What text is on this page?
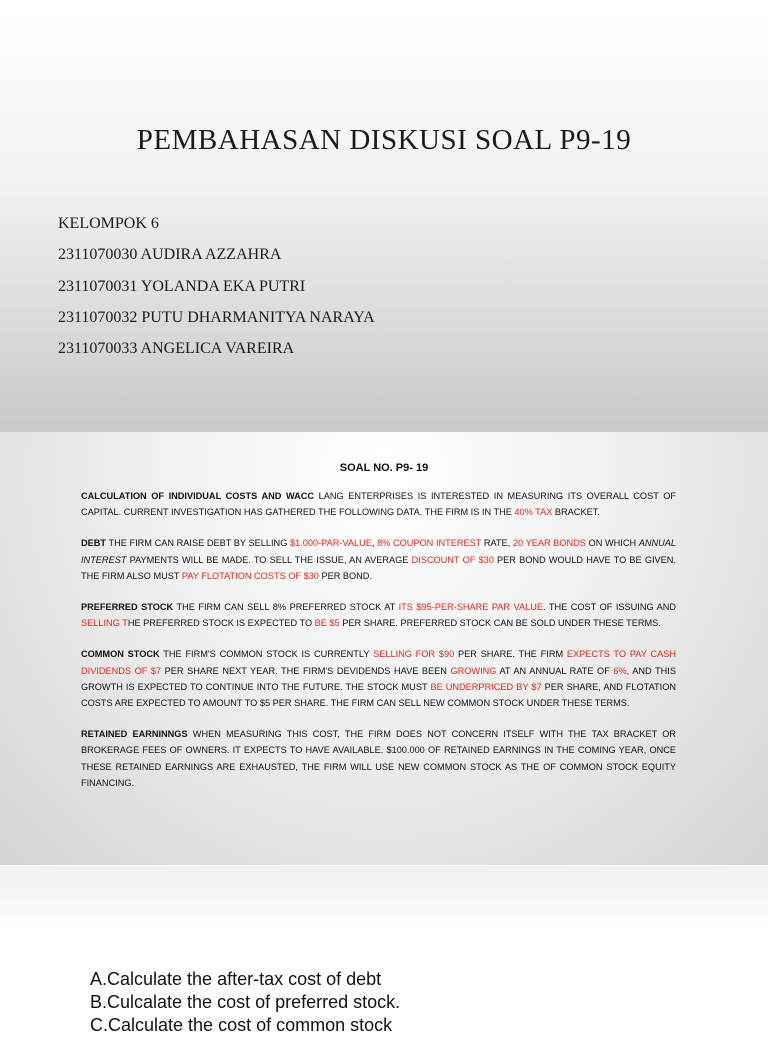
PEMBAHASAN DISKUSI SOAL P9-19
KELOMPOK 6
2311070030 AUDIRA AZZAHRA
2311070031 YOLANDA EKA PUTRI
2311070032 PUTU DHARMANITYA NARAYA
2311070033 ANGELICA VAREIRA
SOAL NO. P9- 19

CALCULATION OF INDIVIDUAL COSTS AND WACC LANG ENTERPRISES IS INTERESTED IN MEASURING ITS OVERALL COST OF CAPITAL. CURRENT INVESTIGATION HAS GATHERED THE FOLLOWING DATA. THE FIRM IS IN THE 40% TAX BRACKET.

DEBT THE FIRM CAN RAISE DEBT BY SELLING $1.000-PAR-VALUE, 8% COUPON INTEREST RATE, 20 YEAR BONDS ON WHICH ANNUAL INTEREST PAYMENTS WILL BE MADE. TO SELL THE ISSUE, AN AVERAGE DISCOUNT OF $30 PER BOND WOULD HAVE TO BE GIVEN. THE FIRM ALSO MUST PAY FLOTATION COSTS OF $30 PER BOND.

PREFERRED STOCK THE FIRM CAN SELL 8% PREFERRED STOCK AT ITS $95-PER-SHARE PAR VALUE. THE COST OF ISSUING AND SELLING THE PREFERRED STOCK IS EXPECTED TO BE $5 PER SHARE. PREFERRED STOCK CAN BE SOLD UNDER THESE TERMS.

COMMON STOCK THE FIRM'S COMMON STOCK IS CURRENTLY SELLING FOR $90 PER SHARE. THE FIRM EXPECTS TO PAY CASH DIVIDENDS OF $7 PER SHARE NEXT YEAR. THE FIRM'S DEVIDENDS HAVE BEEN GROWING AT AN ANNUAL RATE OF 6%, AND THIS GROWTH IS EXPECTED TO CONTINUE INTO THE FUTURE. THE STOCK MUST BE UNDERPRICED BY $7 PER SHARE, AND FLOTATION COSTS ARE EXPECTED TO AMOUNT TO $5 PER SHARE. THE FIRM CAN SELL NEW COMMON STOCK UNDER THESE TERMS.

RETAINED EARNINNGS WHEN MEASURING THIS COST, THE FIRM DOES NOT CONCERN ITSELF WITH THE TAX BRACKET OR BROKERAGE FEES OF OWNERS. IT EXPECTS TO HAVE AVAILABLE. $100.000 OF RETAINED EARNINGS IN THE COMING YEAR, ONCE THESE RETAINED EARNINGS ARE EXHAUSTED, THE FIRM WILL USE NEW COMMON STOCK AS THE OF COMMON STOCK EQUITY FINANCING.

A.Calculate the after-tax cost of debt
B.Culcalate the cost of preferred stock.
C.Calculate the cost of common stock
